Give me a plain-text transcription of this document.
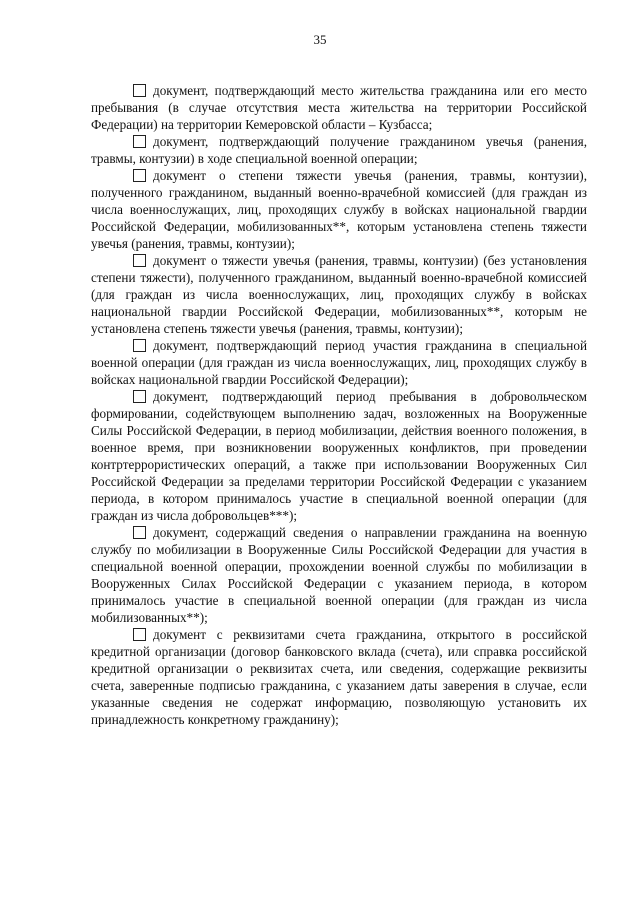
35

документ, подтверждающий место жительства гражданина или его место пребывания (в случае отсутствия места жительства на территории Российской Федерации) на территории Кемеровской области – Кузбасса;

документ, подтверждающий получение гражданином увечья (ранения, травмы, контузии) в ходе специальной военной операции;

документ о степени тяжести увечья (ранения, травмы, контузии), полученного гражданином, выданный военно-врачебной комиссией (для граждан из числа военнослужащих, лиц, проходящих службу в войсках национальной гвардии Российской Федерации, мобилизованных**, которым установлена степень тяжести увечья (ранения, травмы, контузии);

документ о тяжести увечья (ранения, травмы, контузии) (без установления степени тяжести), полученного гражданином, выданный военно-врачебной комиссией (для граждан из числа военнослужащих, лиц, проходящих службу в войсках национальной гвардии Российской Федерации, мобилизованных**, которым не установлена степень тяжести увечья (ранения, травмы, контузии);

документ, подтверждающий период участия гражданина в специальной военной операции (для граждан из числа военнослужащих, лиц, проходящих службу в войсках национальной гвардии Российской Федерации);

документ, подтверждающий период пребывания в добровольческом формировании, содействующем выполнению задач, возложенных на Вооруженные Силы Российской Федерации, в период мобилизации, действия военного положения, в военное время, при возникновении вооруженных конфликтов, при проведении контртеррористических операций, а также при использовании Вооруженных Сил Российской Федерации за пределами территории Российской Федерации с указанием периода, в котором принималось участие в специальной военной операции (для граждан из числа добровольцев***);

документ, содержащий сведения о направлении гражданина на военную службу по мобилизации в Вооруженные Силы Российской Федерации для участия в специальной военной операции, прохождении военной службы по мобилизации в Вооруженных Силах Российской Федерации с указанием периода, в котором принималось участие в специальной военной операции (для граждан из числа мобилизованных**);

документ с реквизитами счета гражданина, открытого в российской кредитной организации (договор банковского вклада (счета), или справка российской кредитной организации о реквизитах счета, или сведения, содержащие реквизиты счета, заверенные подписью гражданина, с указанием даты заверения в случае, если указанные сведения не содержат информацию, позволяющую установить их принадлежность конкретному гражданину);
